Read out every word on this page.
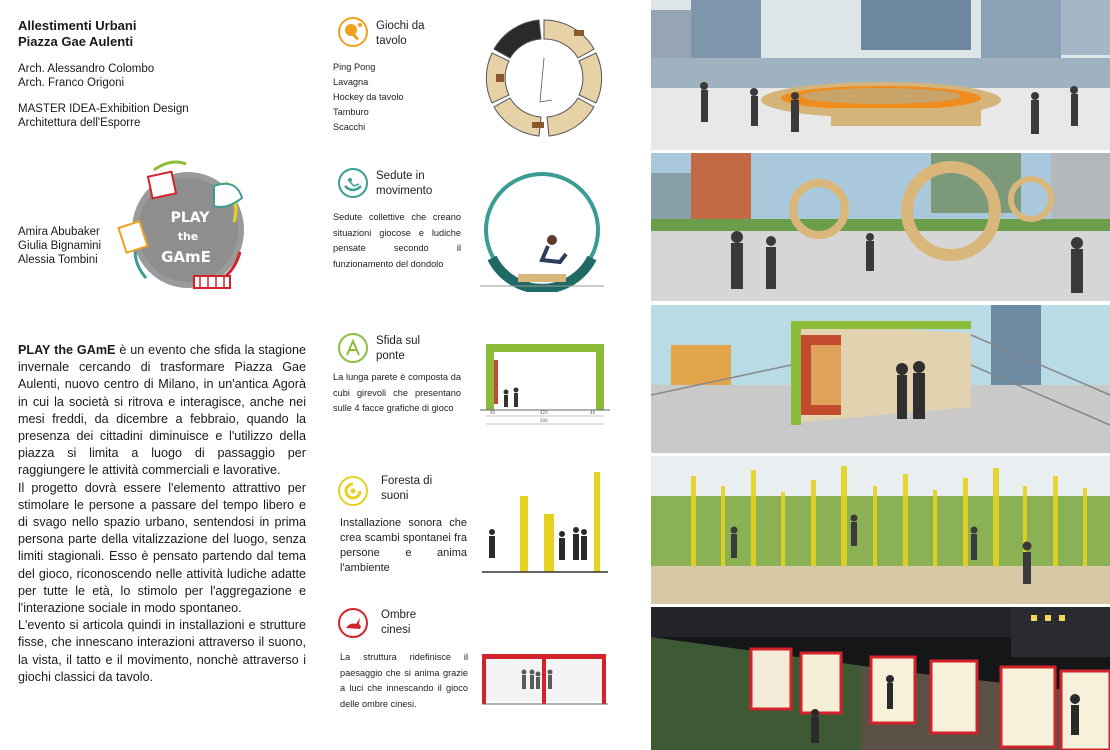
Allestimenti Urbani
Piazza Gae Aulenti
Arch. Alessandro Colombo
Arch. Franco Origoni
MASTER IDEA-Exhibition Design
Architettura dell'Esporre
Amira Abubaker
Giulia Bignamini
Alessia Tombini
PLAY
the
GAmE

PLAY the GAmE è un evento che sfida la stagione invernale cercando di trasformare Piazza Gae Aulenti, nuovo centro di Milano, in un'antica Agorà in cui la società si ritrova e interagisce, anche nei mesi freddi, da dicembre a febbraio, quando la presenza dei cittadini diminuisce e l'utilizzo della piazza si limita a luogo di passaggio per raggiungere le attività commerciali e lavorative.

Il progetto dovrà essere l'elemento attrattivo per stimolare le persone a passare del tempo libero e di svago nello spazio urbano, sentendosi in prima persona parte della vitalizzazione del luogo, senza limiti stagionali. Esso è pensato partendo dal tema del gioco, riconoscendo nelle attività ludiche adatte per tutte le età, lo stimolo per l'aggregazione e l'interazione sociale in modo spontaneo.

L'evento si articola quindi in installazioni e strutture fisse, che innescano interazioni attraverso il suono, la vista, il tatto e il movimento, nonchè attraverso i giochi classici da tavolo.

Giochi da
tavolo
Ping Pong
Lavagna
Hockey da tavolo
Tamburo
Scacchi
Sedute in
movimento
Sedute collettive che creano situazioni giocose e ludiche pensate secondo il funzionamento del dondolo
Sfida sul
ponte
La lunga parete è composta da cubi girevoli che presentano sulle 4 facce grafiche di gioco	40	420	40
500
Foresta di
suoni
Installazione sonora che crea scambi spontanei fra persone e anima l'ambiente
Ombre
cinesi
La struttura ridefinisce il paesaggio che si anima grazie a luci che innescando il gioco delle ombre cinesi.
